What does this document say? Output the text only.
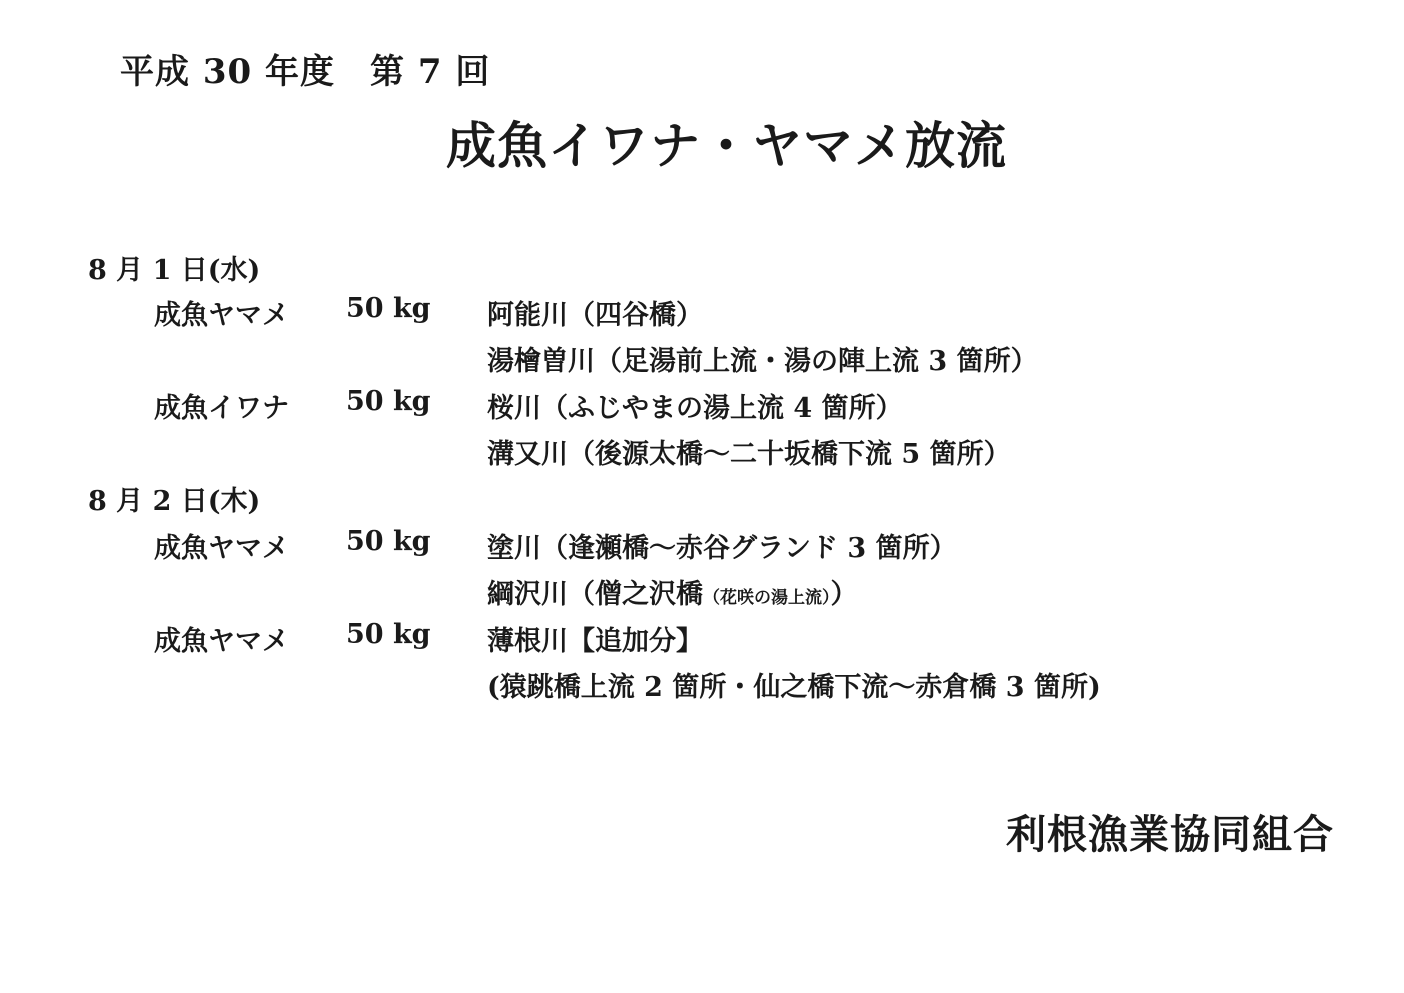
平成 30 年度　第 7 回
成魚イワナ・ヤマメ放流
8 月 1 日(水)
成魚ヤマメ 50 kg 阿能川（四谷橋）
湯檜曽川（足湯前上流・湯の陣上流 3 箇所）
成魚イワナ 50 kg 桜川（ふじやまの湯上流 4 箇所）
溝又川（後源太橋～二十坂橋下流 5 箇所）
8 月 2 日(木)
成魚ヤマメ 50 kg 塗川（逢瀬橋～赤谷グランド 3 箇所）
綱沢川（僧之沢橋（花咲の湯上流））
成魚ヤマメ 50 kg 薄根川【追加分】
(猿跳橋上流 2 箇所・仙之橋下流～赤倉橋 3 箇所)
利根漁業協同組合
